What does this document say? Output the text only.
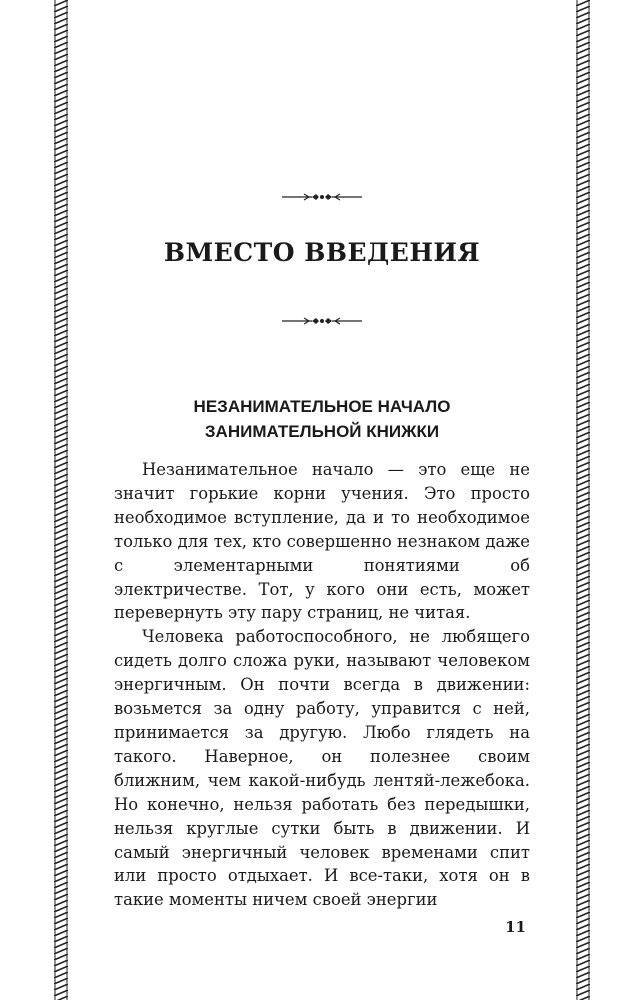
ВМЕСТО ВВЕДЕНИЯ
НЕЗАНИМАТЕЛЬНОЕ НАЧАЛО
ЗАНИМАТЕЛЬНОЙ КНИЖКИ

Незанимательное начало — это еще не значит горькие корни учения. Это просто необходимое вступление, да и то необходимое только для тех, кто совершенно незнаком даже с элементарными понятиями об электричестве. Тот, у кого они есть, может перевернуть эту пару страниц, не читая.

Человека работоспособного, не любящего сидеть долго сложа руки, называют человеком энергичным. Он почти всегда в движении: возьмется за одну работу, управится с ней, принимается за другую. Любо глядеть на такого. Наверное, он полезнее своим ближним, чем какой-нибудь лентяй-лежебока. Но конечно, нельзя работать без передышки, нельзя круглые сутки быть в движении. И самый энергичный человек временами спит или просто отдыхает. И все-таки, хотя он в такие моменты ничем своей энергии

11
